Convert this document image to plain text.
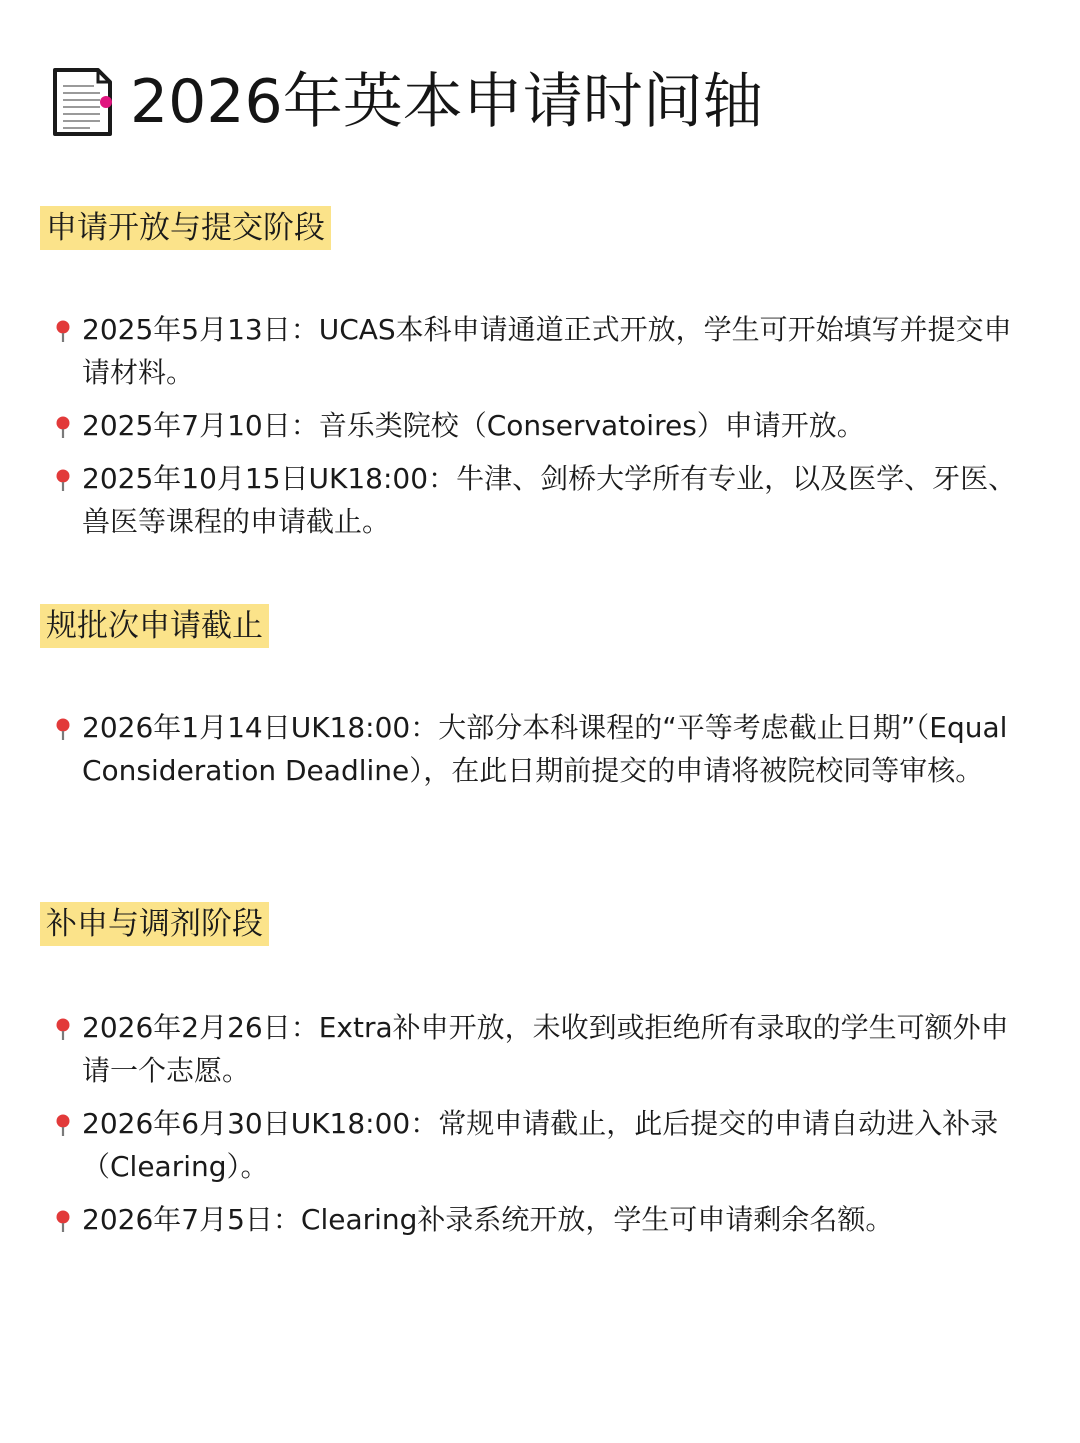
2026年英本申请时间轴
申请开放与提交阶段
2025年5月13日：UCAS本科申请通道正式开放，学生可开始填写并提交申请材料。
2025年7月10日：音乐类院校（Conservatoires）申请开放。
2025年10月15日UK18:00：牛津、剑桥大学所有专业，以及医学、牙医、兽医等课程的申请截止。
规批次申请截止
2026年1月14日UK18:00：大部分本科课程的“平等考虑截止日期”（Equal Consideration Deadline），在此日期前提交的申请将被院校同等审核。
补申与调剂阶段
2026年2月26日：Extra补申开放，未收到或拒绝所有录取的学生可额外申请一个志愿。
2026年6月30日UK18:00：常规申请截止，此后提交的申请自动进入补录（Clearing）。
2026年7月5日：Clearing补录系统开放，学生可申请剩余名额。
